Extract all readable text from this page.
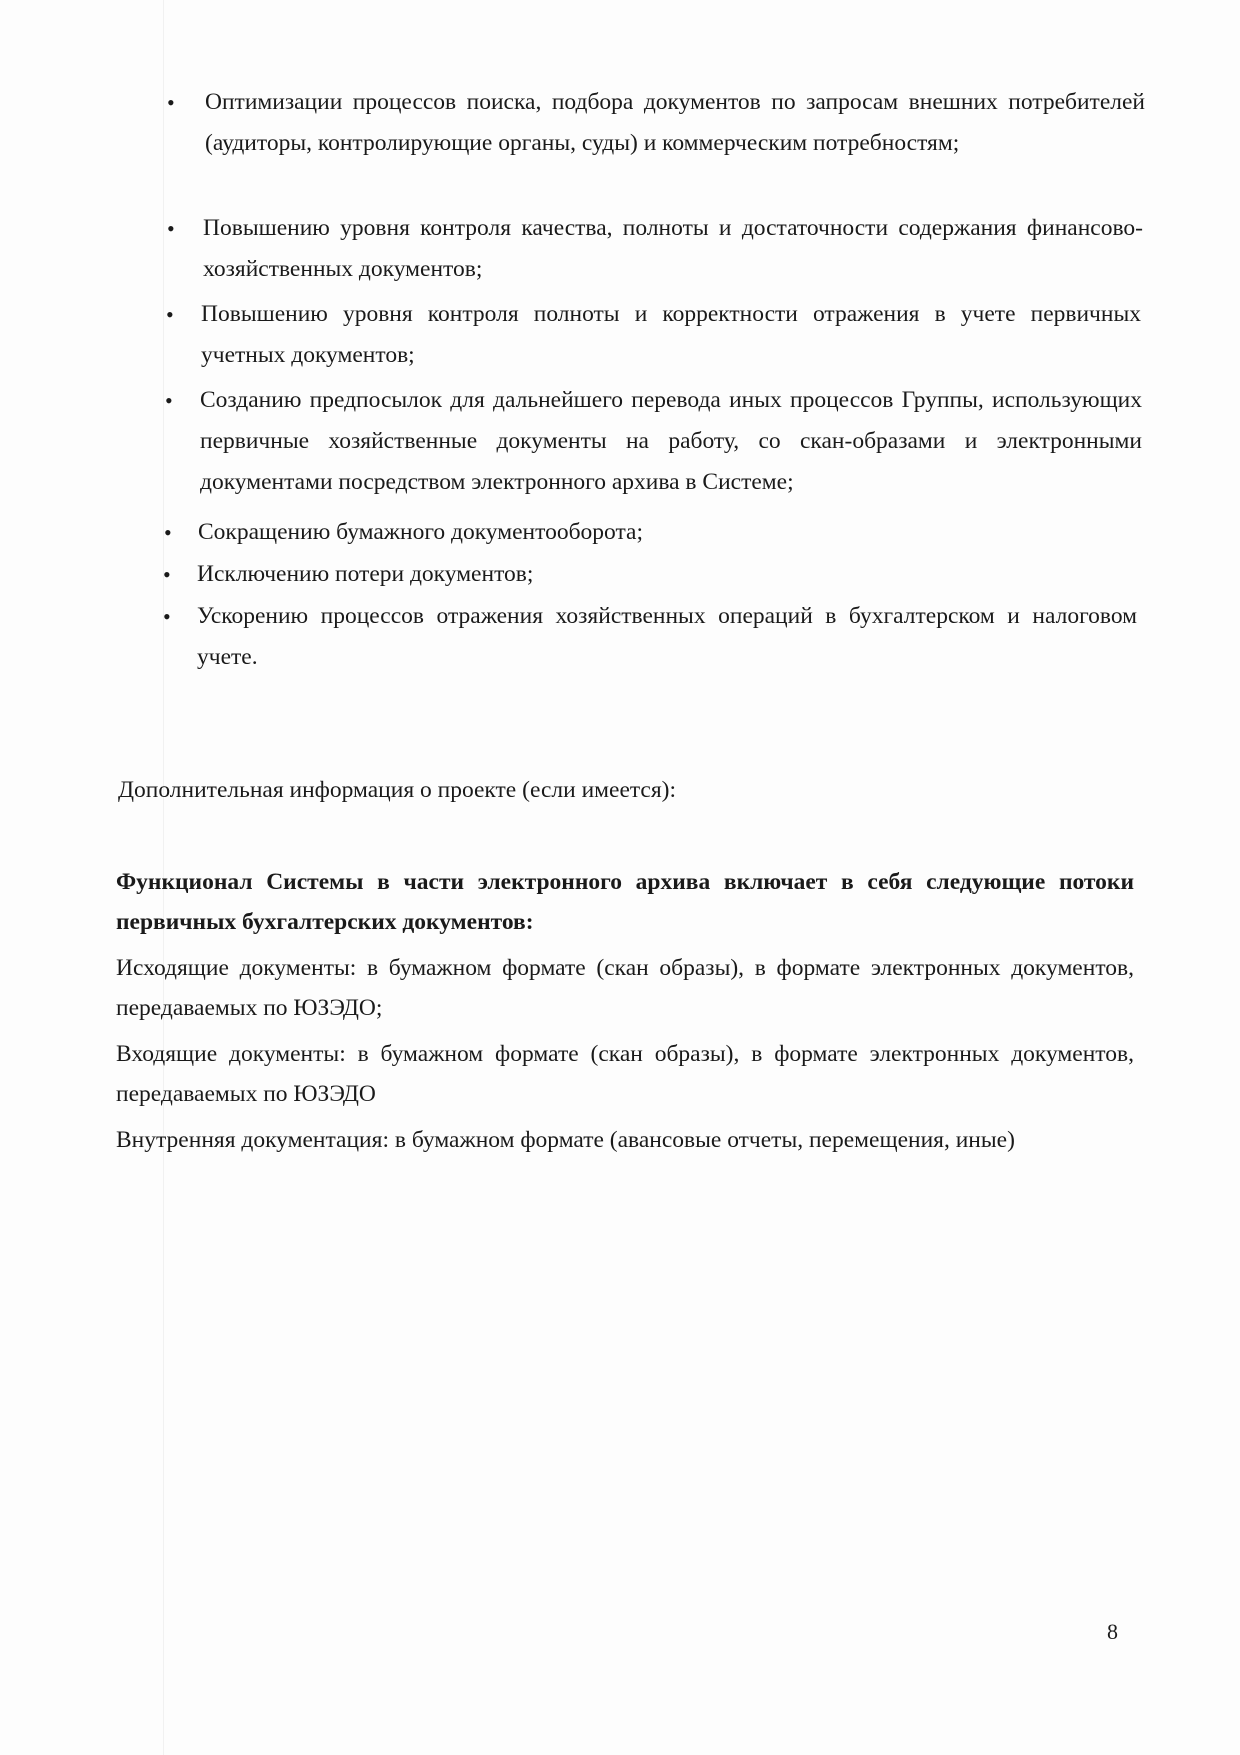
• Оптимизации процессов поиска, подбора документов по запросам внешних потребителей (аудиторы, контролирующие органы, суды) и коммерческим потребностям;
• Повышению уровня контроля качества, полноты и достаточности содержания финансово-хозяйственных документов;
• Повышению уровня контроля полноты и корректности отражения в учете первичных учетных документов;
• Созданию предпосылок для дальнейшего перевода иных процессов Группы, использующих первичные хозяйственные документы на работу, со скан-образами и электронными документами посредством электронного архива в Системе;
• Сокращению бумажного документооборота;
• Исключению потери документов;
• Ускорению процессов отражения хозяйственных операций в бухгалтерском и налоговом учете.
Дополнительная информация о проекте (если имеется):

Функционал Системы в части электронного архива включает в себя следующие потоки первичных бухгалтерских документов:

Исходящие документы: в бумажном формате (скан образы), в формате электронных документов, передаваемых по ЮЗЭДО;

Входящие документы: в бумажном формате (скан образы), в формате электронных документов, передаваемых по ЮЗЭДО

Внутренняя документация: в бумажном формате (авансовые отчеты, перемещения, иные)

8
